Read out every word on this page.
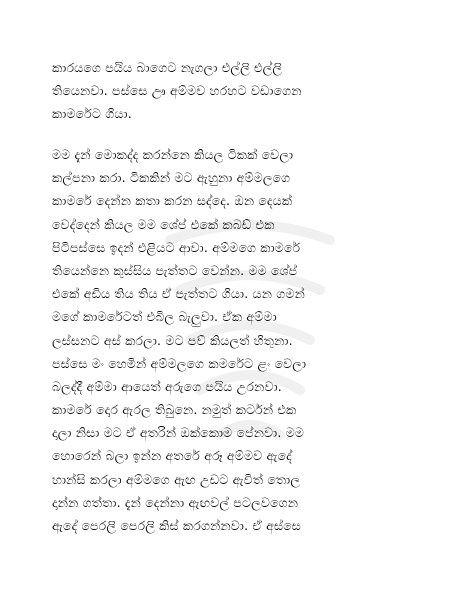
කාරයගෙ පයිය බාගෙට නැගලා එල්ලි එල්ලි
තියෙනවා. පස්සෙ ඌ අම්මව හරහට වඩාගෙන
කාමරේට ගියා.
මම දැන් මොකද්ද කරන්නෙ කියල ටිකක් වෙලා
කල්පනා කරා. ටිකකින් මට ඇහුනා අම්මලගෙ
කාමරේ දෙන්න කතා කරන සද්දෙ. ඔන දෙයක්
වෙද්දෙන් කියල මම ශේප් එකේ කබඩ් එක
පිටිපස්සෙ ඉදන් එළියට ආවා. අම්මගෙ කාමරේ
තියෙන්නෙ කුස්සිය පැත්තට වෙන්න. මම ශේප්
එකේ අඩිය තිය තිය ඒ පැත්තට ගියා. යන ගමන්
මගේ කාමරේටත් එබිල බැලුවා. ඒක අම්මා
ලස්සනට අස් කරලා. මට පව් කියලත් හිතුනා.
පස්සෙ මං හෙමින් අම්මලගෙ කමරේට ළං වෙලා
බලද්දී අම්මා ආයෙත් අරුගෙ පයිය උරනවා.
කාමරේ දොර ඇරල තිබුනෙ. නමුත් කර්ටන් එක
දාලා නිසා මට ඒ අතරින් ඔක්කොම පේනවා. මම
හොරෙන් බලා ඉන්න අතරේ අරූ අම්මව ඇදේ
හාන්සි කරලා අම්මගෙ ඇඟ උඩට ඇවිත් තොල
දාන්න ගත්තා. දැන් දෙන්නා ඇඟවල් පටලවගෙන
ඇදේ පෙරලි පෙරලි කිස් කරගන්නවා. ඒ අස්සෙ
